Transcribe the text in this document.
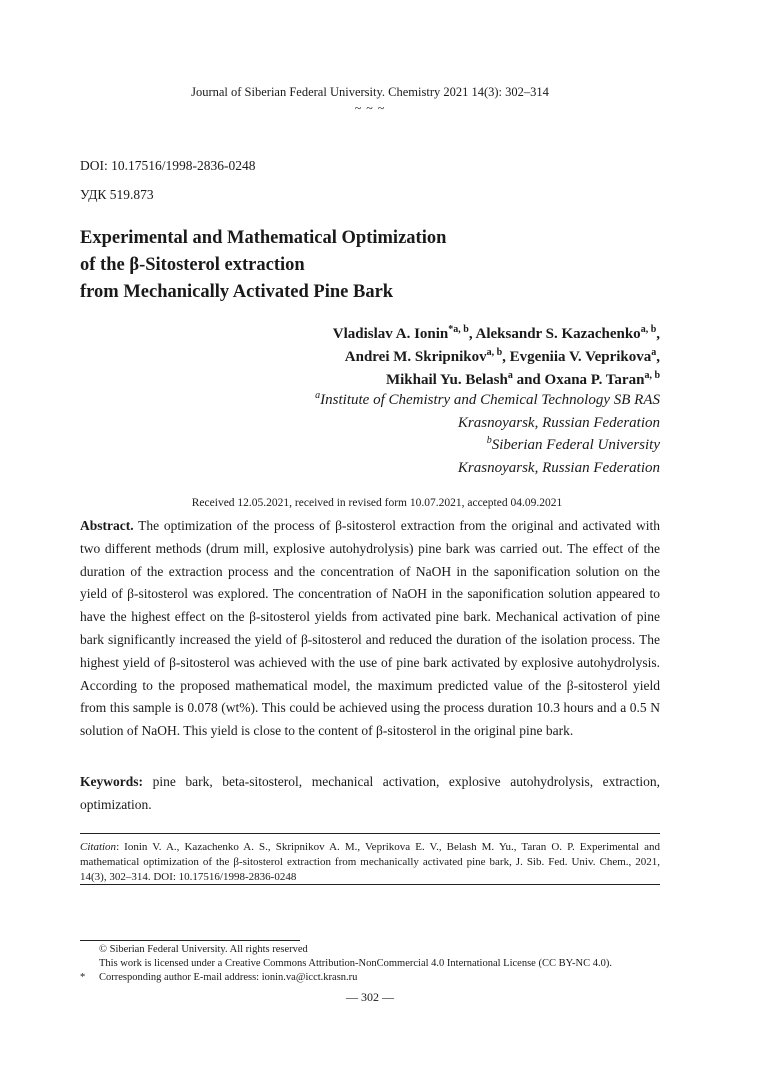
Journal of Siberian Federal University. Chemistry 2021 14(3): 302–314
~ ~ ~
DOI: 10.17516/1998-2836-0248
УДК 519.873
Experimental and Mathematical Optimization
of the β-Sitosterol extraction
from Mechanically Activated Pine Bark
Vladislav A. Ionin$^{*a, b}$, Aleksandr S. Kazachenko$^{a, b}$,
Andrei M. Skripnikov$^{a, b}$, Evgeniia V. Veprikova$^a$,
Mikhail Yu. Belash$^a$ and Oxana P. Taran$^{a, b}$
$^a$Institute of Chemistry and Chemical Technology SB RAS
Krasnoyarsk, Russian Federation
$^b$Siberian Federal University
Krasnoyarsk, Russian Federation
Received 12.05.2021, received in revised form 10.07.2021, accepted 04.09.2021
Abstract. The optimization of the process of β-sitosterol extraction from the original and activated with two different methods (drum mill, explosive autohydrolysis) pine bark was carried out. The effect of the duration of the extraction process and the concentration of NaOH in the saponification solution on the yield of β-sitosterol was explored. The concentration of NaOH in the saponification solution appeared to have the highest effect on the β-sitosterol yields from activated pine bark. Mechanical activation of pine bark significantly increased the yield of β-sitosterol and reduced the duration of the isolation process. The highest yield of β-sitosterol was achieved with the use of pine bark activated by explosive autohydrolysis. According to the proposed mathematical model, the maximum predicted value of the β-sitosterol yield from this sample is 0.078 (wt%). This could be achieved using the process duration 10.3 hours and a 0.5 N solution of NaOH. This yield is close to the content of β-sitosterol in the original pine bark.
Keywords: pine bark, beta-sitosterol, mechanical activation, explosive autohydrolysis, extraction, optimization.
Citation: Ionin V. A., Kazachenko A. S., Skripnikov A. M., Veprikova E. V., Belash M. Yu., Taran O. P. Experimental and mathematical optimization of the β-sitosterol extraction from mechanically activated pine bark, J. Sib. Fed. Univ. Chem., 2021, 14(3), 302–314. DOI: 10.17516/1998-2836-0248
© Siberian Federal University. All rights reserved
This work is licensed under a Creative Commons Attribution-NonCommercial 4.0 International License (CC BY-NC 4.0).
* Corresponding author E-mail address: ionin.va@icct.krasn.ru
— 302 —
